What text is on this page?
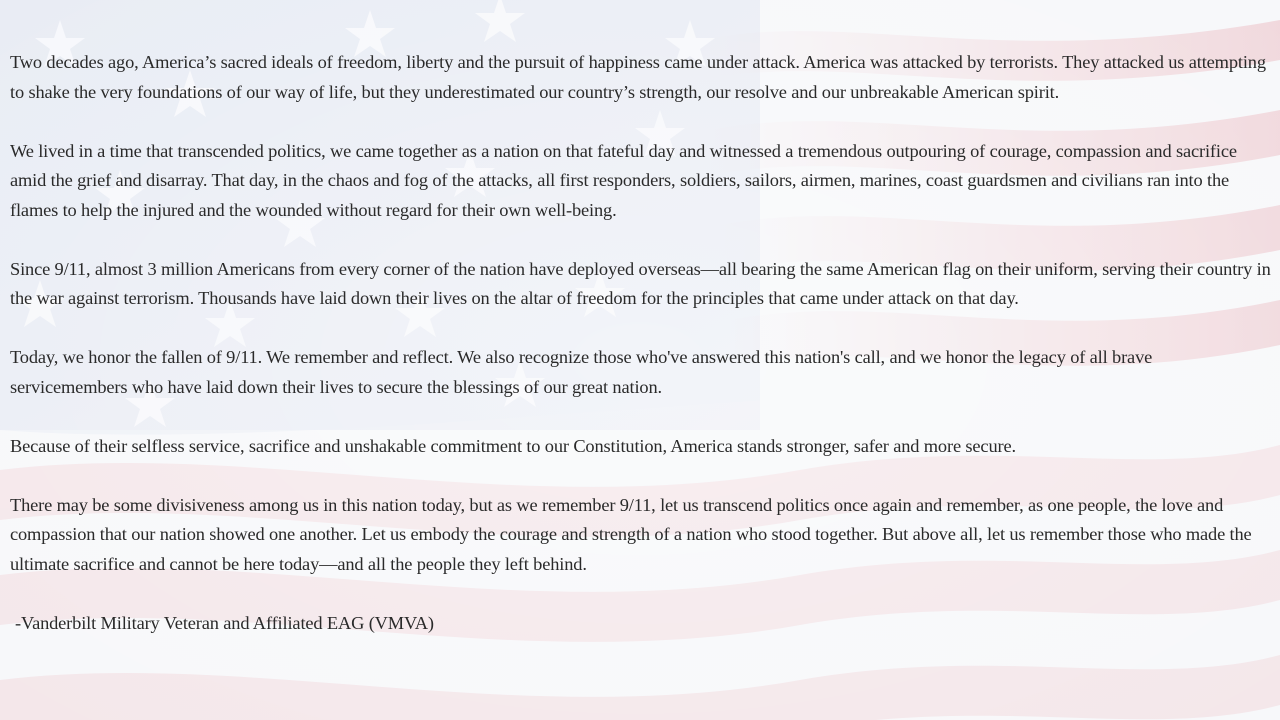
Two decades ago, America’s sacred ideals of freedom, liberty and the pursuit of happiness came under attack. America was attacked by terrorists. They attacked us attempting to shake the very foundations of our way of life, but they underestimated our country’s strength, our resolve and our unbreakable American spirit.

We lived in a time that transcended politics, we came together as a nation on that fateful day and witnessed a tremendous outpouring of courage, compassion and sacrifice amid the grief and disarray. That day, in the chaos and fog of the attacks, all first responders, soldiers, sailors, airmen, marines, coast guardsmen and civilians ran into the flames to help the injured and the wounded without regard for their own well-being.

Since 9/11, almost 3 million Americans from every corner of the nation have deployed overseas—all bearing the same American flag on their uniform, serving their country in the war against terrorism. Thousands have laid down their lives on the altar of freedom for the principles that came under attack on that day.

Today, we honor the fallen of 9/11. We remember and reflect. We also recognize those who've answered this nation's call, and we honor the legacy of all brave servicemembers who have laid down their lives to secure the blessings of our great nation.

Because of their selfless service, sacrifice and unshakable commitment to our Constitution, America stands stronger, safer and more secure.

There may be some divisiveness among us in this nation today, but as we remember 9/11, let us transcend politics once again and remember, as one people, the love and compassion that our nation showed one another. Let us embody the courage and strength of a nation who stood together. But above all, let us remember those who made the ultimate sacrifice and cannot be here today—and all the people they left behind.

-Vanderbilt Military Veteran and Affiliated EAG (VMVA)
